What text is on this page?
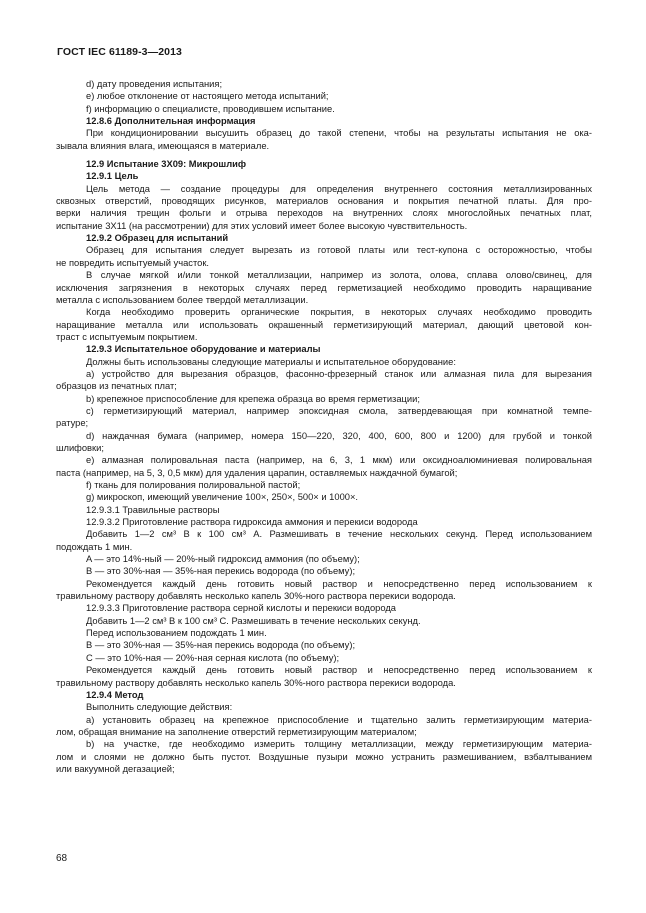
ГОСТ IEC 61189-3—2013

d) дату проведения испытания;

e) любое отклонение от настоящего метода испытаний;

f) информацию о специалисте, проводившем испытание.

12.8.6 Дополнительная информация

При кондиционировании высушить образец до такой степени, чтобы на результаты испытания не ока-

зывала влияния влага, имеющаяся в материале.

12.9 Испытание 3X09: Микрошлиф

12.9.1 Цель

Цель метода — создание процедуры для определения внутреннего состояния металлизированных

сквозных отверстий, проводящих рисунков, материалов основания и покрытия печатной платы. Для про-

верки наличия трещин фольги и отрыва переходов на внутренних слоях многослойных печатных плат,

испытание 3X11 (на рассмотрении) для этих условий имеет более высокую чувствительность.

12.9.2 Образец для испытаний

Образец для испытания следует вырезать из готовой платы или тест-купона с осторожностью, чтобы

не повредить испытуемый участок.

В случае мягкой и/или тонкой металлизации, например из золота, олова, сплава олово/свинец, для

исключения загрязнения в некоторых случаях перед герметизацией необходимо проводить наращивание

металла с использованием более твердой металлизации.

Когда необходимо проверить органические покрытия, в некоторых случаях необходимо проводить

наращивание металла или использовать окрашенный герметизирующий материал, дающий цветовой кон-

траст с испытуемым покрытием.

12.9.3 Испытательное оборудование и материалы

Должны быть использованы следующие материалы и испытательное оборудование:

a) устройство для вырезания образцов, фасонно-фрезерный станок или алмазная пила для вырезания

образцов из печатных плат;

b) крепежное приспособление для крепежа образца во время герметизации;

c) герметизирующий материал, например эпоксидная смола, затвердевающая при комнатной темпе-

ратуре;

d) наждачная бумага (например, номера 150—220, 320, 400, 600, 800 и 1200) для грубой и тонкой

шлифовки;

e) алмазная полировальная паста (например, на 6, 3, 1 мкм) или оксидноалюминиевая полировальная

паста (например, на 5, 3, 0,5 мкм) для удаления царапин, оставляемых наждачной бумагой;

f) ткань для полирования полировальной пастой;

g) микроскоп, имеющий увеличение 100×, 250×, 500× и 1000×.

12.9.3.1 Травильные растворы

12.9.3.2 Приготовление раствора гидроксида аммония и перекиси водорода

Добавить 1—2 см³ В к 100 см³ А. Размешивать в течение нескольких секунд. Перед использованием

подождать 1 мин.

A — это 14%-ный — 20%-ный гидроксид аммония (по объему);

B — это 30%-ная — 35%-ная перекись водорода (по объему);

Рекомендуется каждый день готовить новый раствор и непосредственно перед использованием к

травильному раствору добавлять несколько капель 30%-ного раствора перекиси водорода.

12.9.3.3 Приготовление раствора серной кислоты и перекиси водорода

Добавить 1—2 см³ В к 100 см³ С. Размешивать в течение нескольких секунд.

Перед использованием подождать 1 мин.

B — это 30%-ная — 35%-ная перекись водорода (по объему);

C — это 10%-ная — 20%-ная серная кислота (по объему);

Рекомендуется каждый день готовить новый раствор и непосредственно перед использованием к

травильному раствору добавлять несколько капель 30%-ного раствора перекиси водорода.

12.9.4 Метод

Выполнить следующие действия:

a) установить образец на крепежное приспособление и тщательно залить герметизирующим материа-

лом, обращая внимание на заполнение отверстий герметизирующим материалом;

b) на участке, где необходимо измерить толщину металлизации, между герметизирующим материа-

лом и слоями не должно быть пустот. Воздушные пузыри можно устранить размешиванием, взбалтыванием

или вакуумной дегазацией;

68
